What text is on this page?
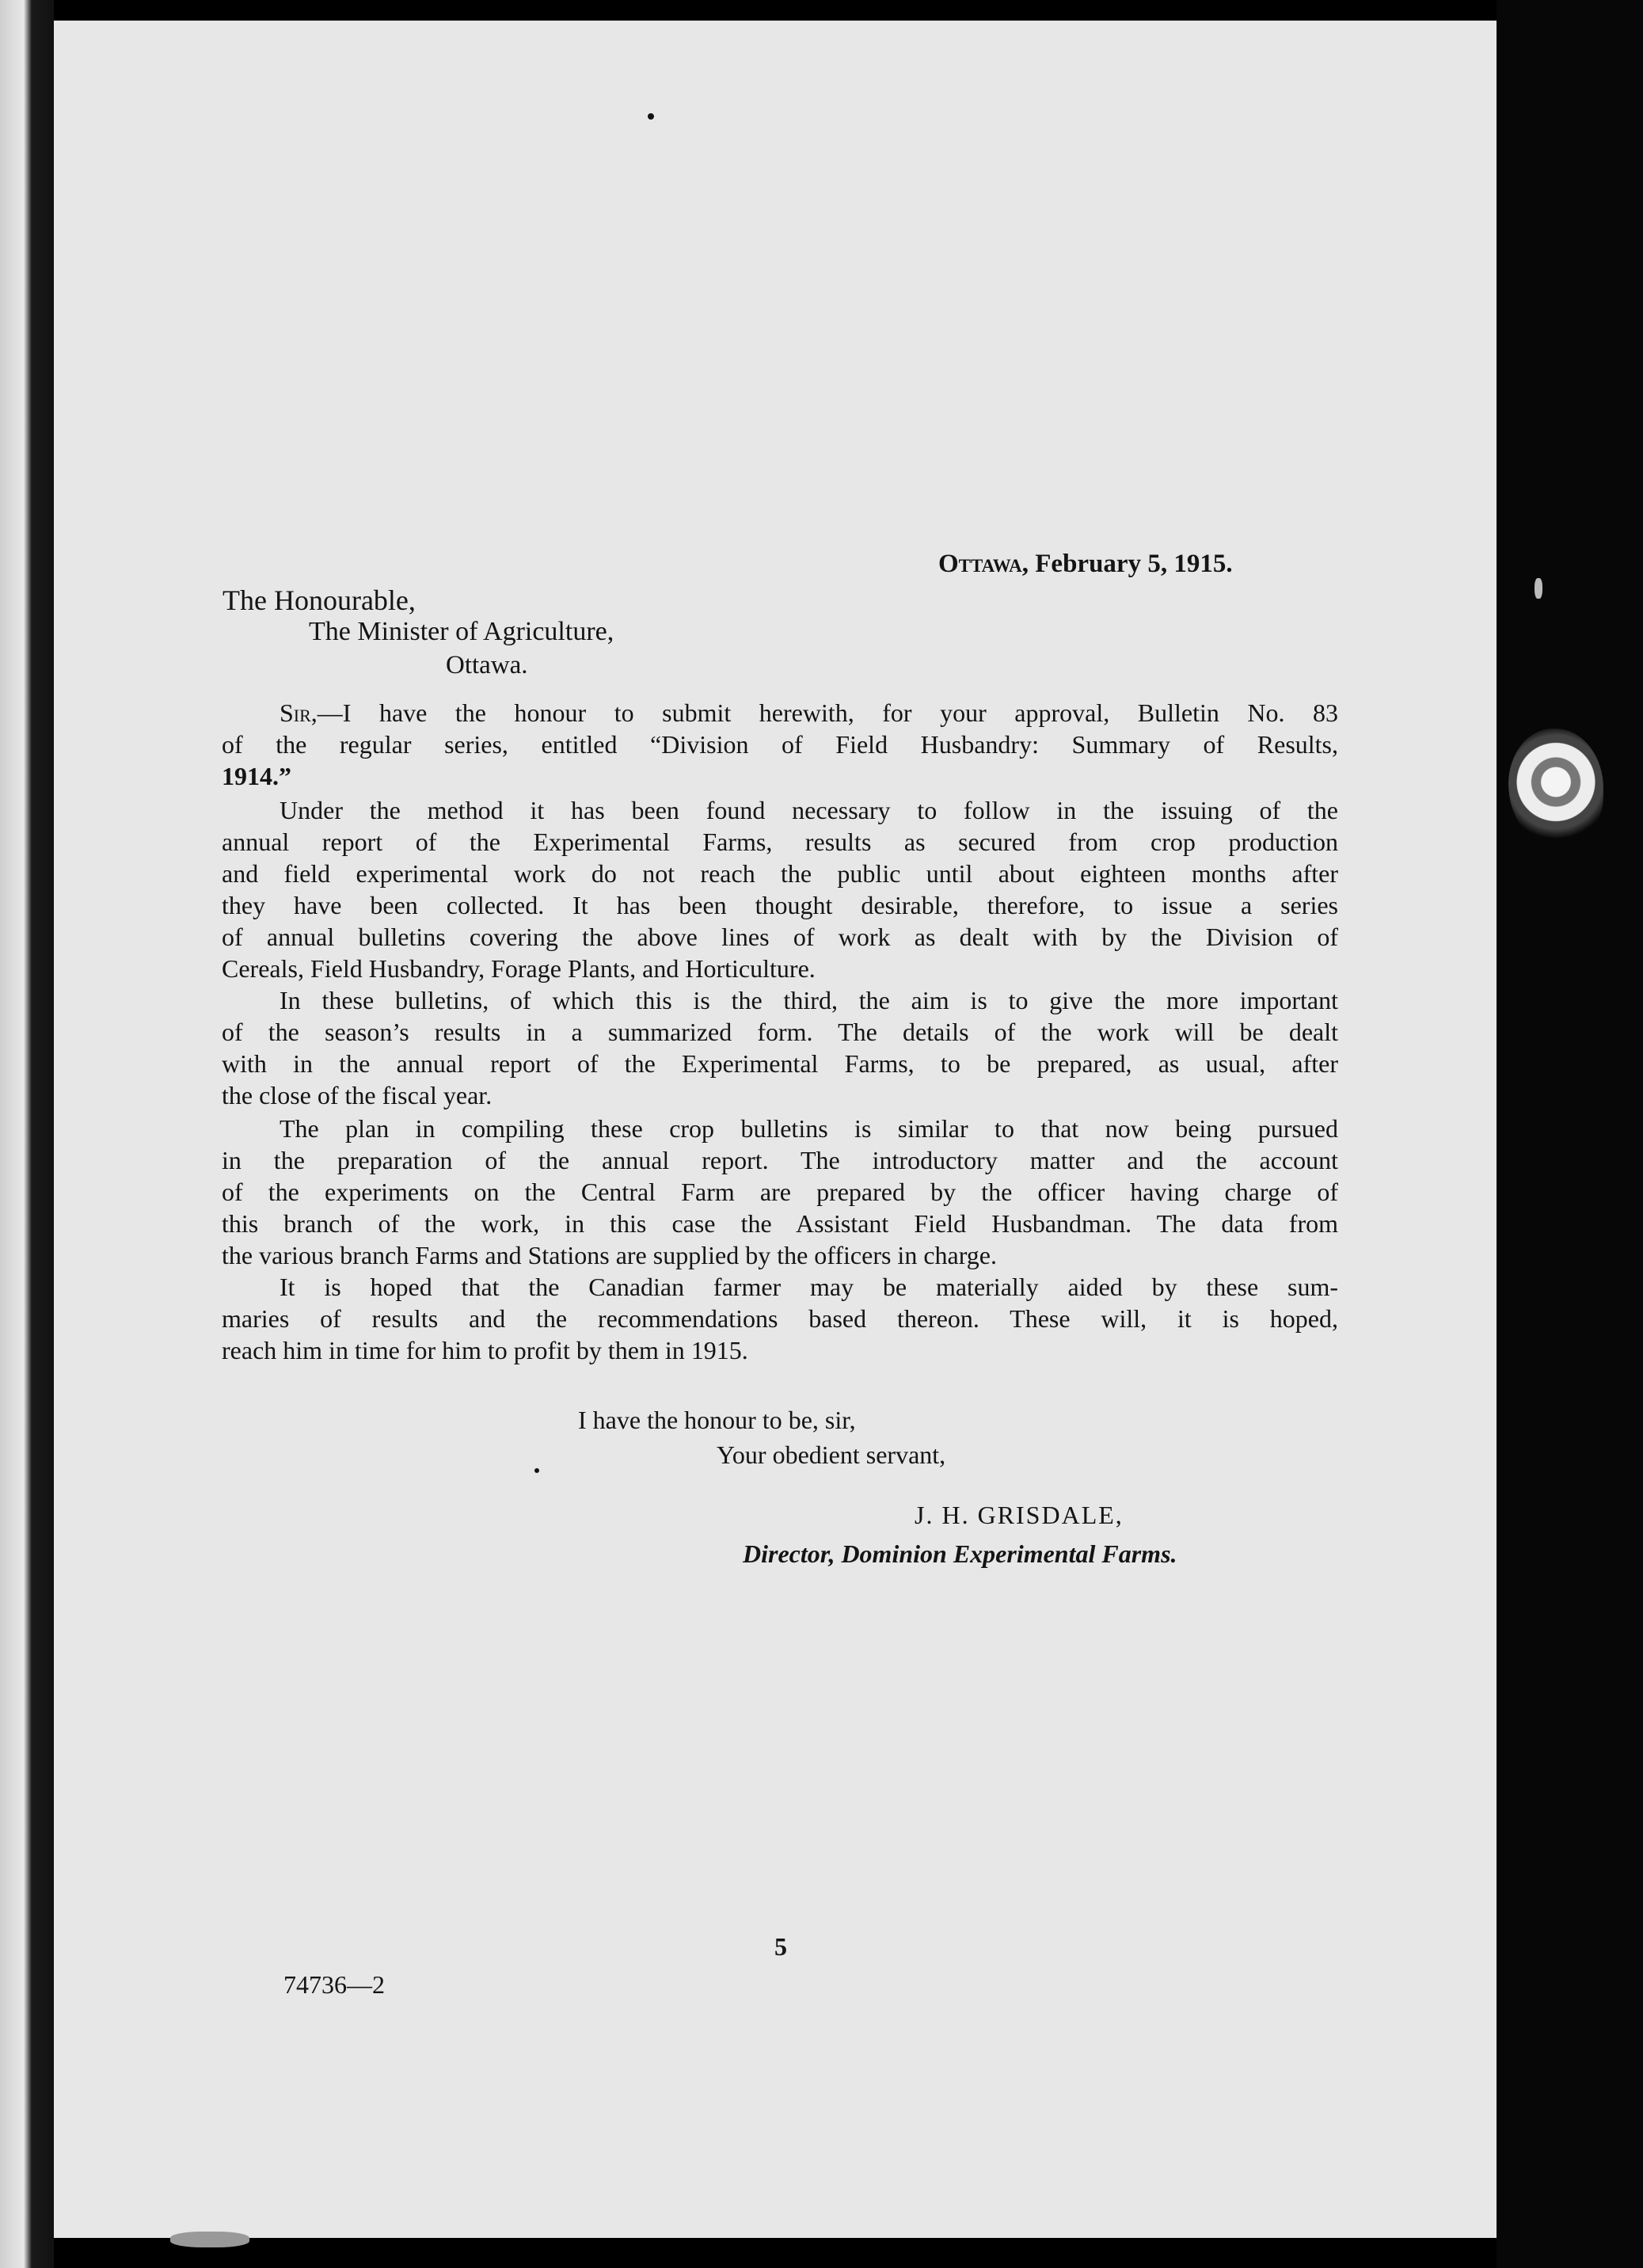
Ottawa, February 5, 1915.
The Honourable,
The Minister of Agriculture,
Ottawa.
Sir,—I have the honour to submit herewith, for your approval, Bulletin No. 83
of the regular series, entitled “Division of Field Husbandry: Summary of Results,
1914.”
Under the method it has been found necessary to follow in the issuing of the
annual report of the Experimental Farms, results as secured from crop production
and field experimental work do not reach the public until about eighteen months after
they have been collected. It has been thought desirable, therefore, to issue a series
of annual bulletins covering the above lines of work as dealt with by the Division of
Cereals, Field Husbandry, Forage Plants, and Horticulture.
In these bulletins, of which this is the third, the aim is to give the more important
of the season’s results in a summarized form. The details of the work will be dealt
with in the annual report of the Experimental Farms, to be prepared, as usual, after
the close of the fiscal year.
The plan in compiling these crop bulletins is similar to that now being pursued
in the preparation of the annual report. The introductory matter and the account
of the experiments on the Central Farm are prepared by the officer having charge of
this branch of the work, in this case the Assistant Field Husbandman. The data from
the various branch Farms and Stations are supplied by the officers in charge.
It is hoped that the Canadian farmer may be materially aided by these sum-
maries of results and the recommendations based thereon. These will, it is hoped,
reach him in time for him to profit by them in 1915.
I have the honour to be, sir,
Your obedient servant,
J. H. GRISDALE,
Director, Dominion Experimental Farms.
5
74736—2
